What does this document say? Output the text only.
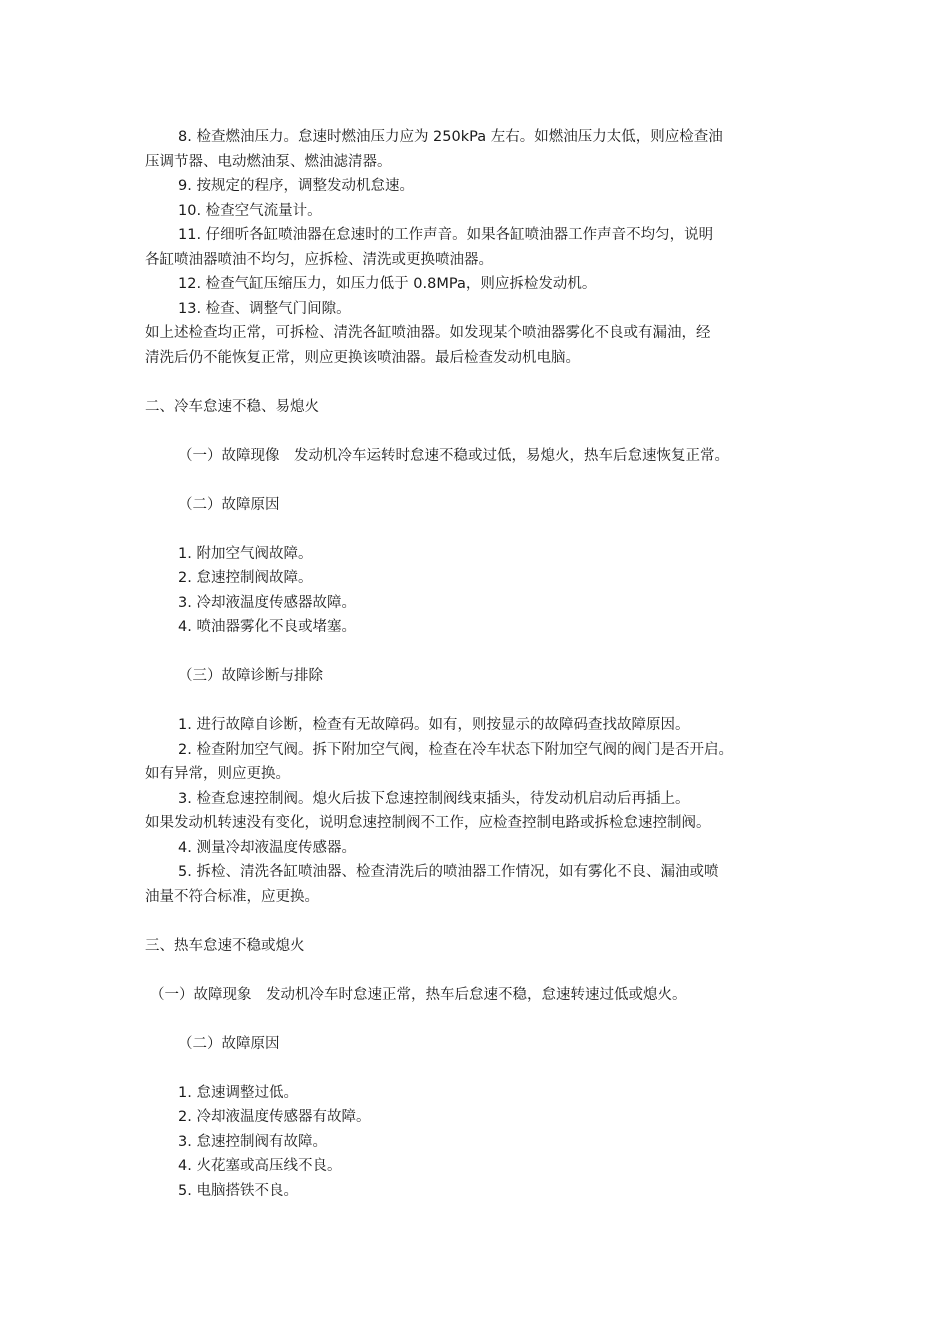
8. 检查燃油压力。怠速时燃油压力应为 250kPa 左右。如燃油压力太低，则应检查油
压调节器、电动燃油泵、燃油滤清器。
9. 按规定的程序，调整发动机怠速。
10. 检查空气流量计。
11. 仔细听各缸喷油器在怠速时的工作声音。如果各缸喷油器工作声音不均匀，说明
各缸喷油器喷油不均匀，应拆检、清洗或更换喷油器。
12. 检查气缸压缩压力，如压力低于 0.8MPa，则应拆检发动机。
13. 检查、调整气门间隙。
如上述检查均正常，可拆检、清洗各缸喷油器。如发现某个喷油器雾化不良或有漏油，经
清洗后仍不能恢复正常，则应更换该喷油器。最后检查发动机电脑。
二、冷车怠速不稳、易熄火
（一）故障现像　发动机冷车运转时怠速不稳或过低，易熄火，热车后怠速恢复正常。
（二）故障原因
1. 附加空气阀故障。
2. 怠速控制阀故障。
3. 冷却液温度传感器故障。
4. 喷油器雾化不良或堵塞。
（三）故障诊断与排除
1. 进行故障自诊断，检查有无故障码。如有，则按显示的故障码查找故障原因。
2. 检查附加空气阀。拆下附加空气阀，检查在冷车状态下附加空气阀的阀门是否开启。
如有异常，则应更换。
3. 检查怠速控制阀。熄火后拔下怠速控制阀线束插头，待发动机启动后再插上。
如果发动机转速没有变化，说明怠速控制阀不工作，应检查控制电路或拆检怠速控制阀。
4. 测量冷却液温度传感器。
5. 拆检、清洗各缸喷油器、检查清洗后的喷油器工作情况，如有雾化不良、漏油或喷
油量不符合标准，应更换。
三、热车怠速不稳或熄火
（一）故障现象　发动机冷车时怠速正常，热车后怠速不稳，怠速转速过低或熄火。
（二）故障原因
1. 怠速调整过低。
2. 冷却液温度传感器有故障。
3. 怠速控制阀有故障。
4. 火花塞或高压线不良。
5. 电脑搭铁不良。
